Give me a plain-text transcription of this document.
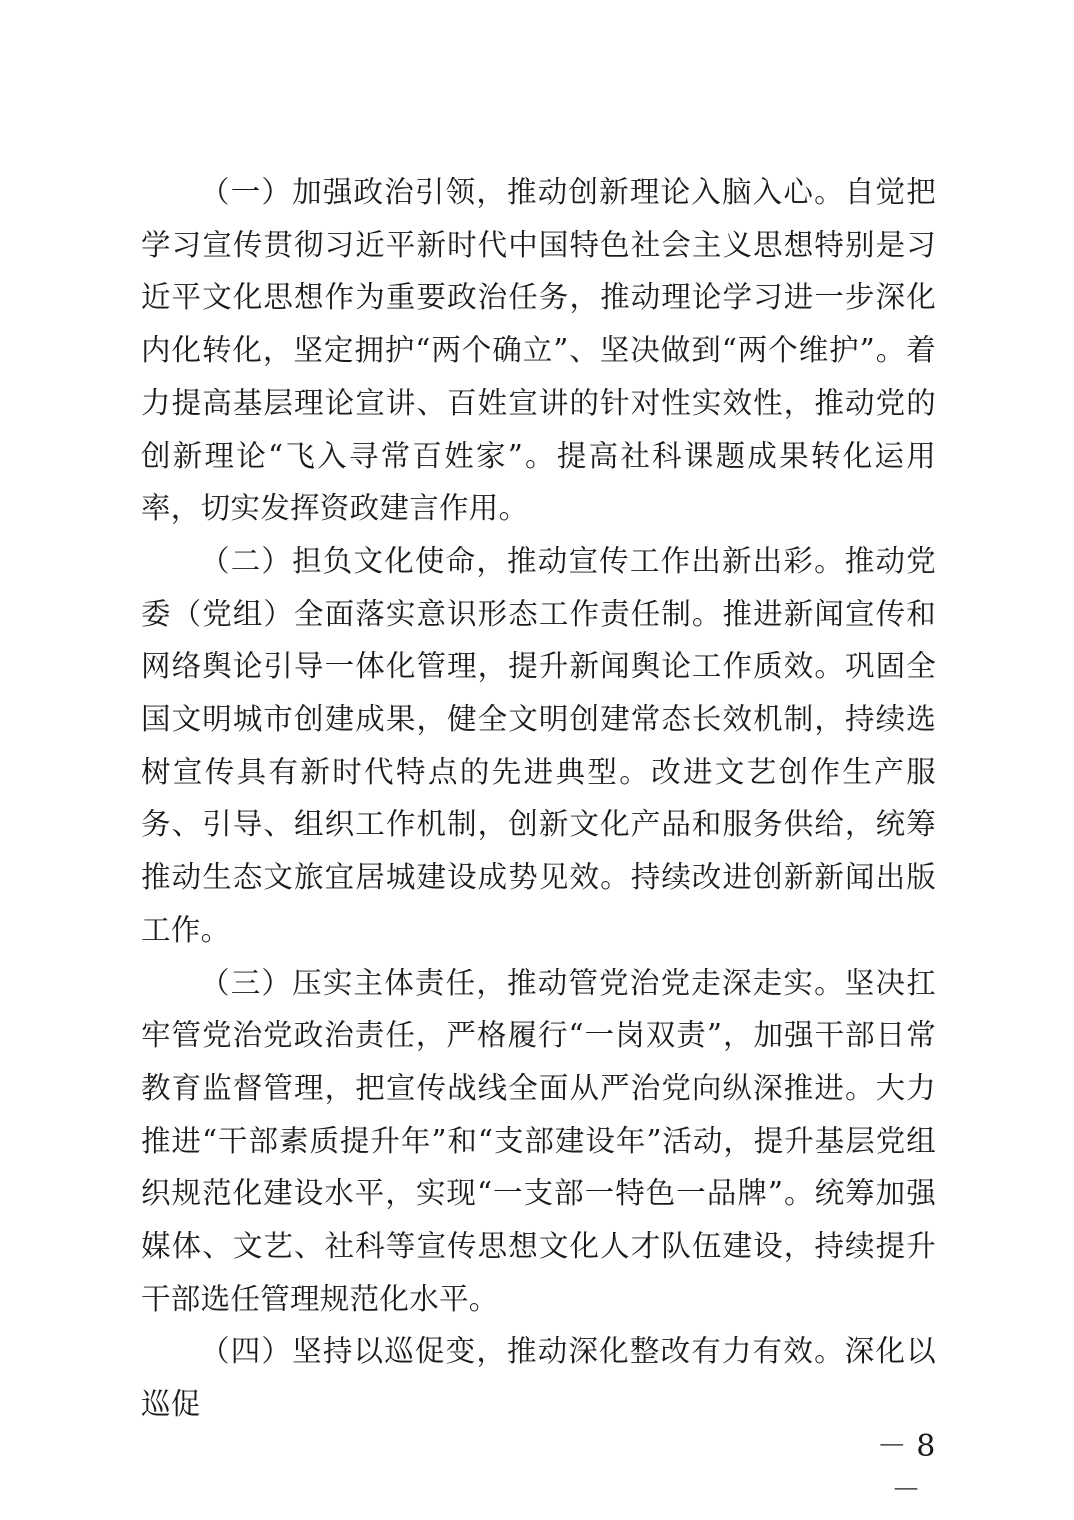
（一）加强政治引领，推动创新理论入脑入心。自觉把学习宣传贯彻习近平新时代中国特色社会主义思想特别是习近平文化思想作为重要政治任务，推动理论学习进一步深化内化转化，坚定拥护“两个确立”、坚决做到“两个维护”。着力提高基层理论宣讲、百姓宣讲的针对性实效性，推动党的创新理论“飞入寻常百姓家”。提高社科课题成果转化运用率，切实发挥资政建言作用。

（二）担负文化使命，推动宣传工作出新出彩。推动党委（党组）全面落实意识形态工作责任制。推进新闻宣传和网络舆论引导一体化管理，提升新闻舆论工作质效。巩固全国文明城市创建成果，健全文明创建常态长效机制，持续选树宣传具有新时代特点的先进典型。改进文艺创作生产服务、引导、组织工作机制，创新文化产品和服务供给，统筹推动生态文旅宜居城建设成势见效。持续改进创新新闻出版工作。

（三）压实主体责任，推动管党治党走深走实。坚决扛牢管党治党政治责任，严格履行“一岗双责”，加强干部日常教育监督管理，把宣传战线全面从严治党向纵深推进。大力推进“干部素质提升年”和“支部建设年”活动，提升基层党组织规范化建设水平，实现“一支部一特色一品牌”。统筹加强媒体、文艺、社科等宣传思想文化人才队伍建设，持续提升干部选任管理规范化水平。

（四）坚持以巡促变，推动深化整改有力有效。深化以巡促

－ 8 －
